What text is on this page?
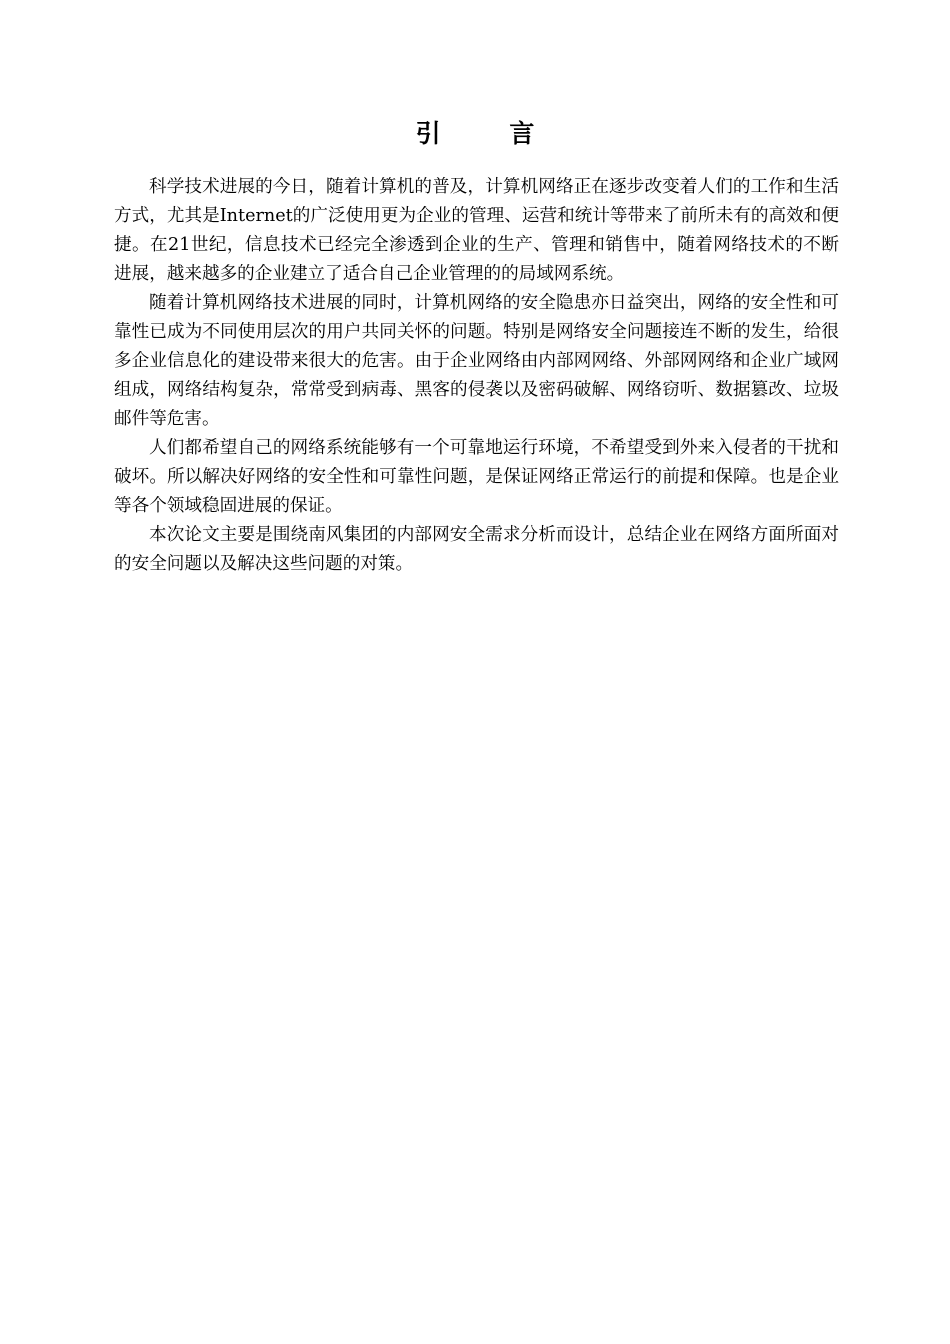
引 言

科学技术进展的今日，随着计算机的普及，计算机网络正在逐步改变着人们的工作和生活方式，尤其是Internet的广泛使用更为企业的管理、运营和统计等带来了前所未有的高效和便捷。在21世纪，信息技术已经完全渗透到企业的生产、管理和销售中，随着网络技术的不断进展，越来越多的企业建立了适合自己企业管理的的局域网系统。

随着计算机网络技术进展的同时，计算机网络的安全隐患亦日益突出，网络的安全性和可靠性已成为不同使用层次的用户共同关怀的问题。特别是网络安全问题接连不断的发生，给很多企业信息化的建设带来很大的危害。由于企业网络由内部网网络、外部网网络和企业广域网组成，网络结构复杂，常常受到病毒、黑客的侵袭以及密码破解、网络窃听、数据篡改、垃圾邮件等危害。

人们都希望自己的网络系统能够有一个可靠地运行环境，不希望受到外来入侵者的干扰和破坏。所以解决好网络的安全性和可靠性问题，是保证网络正常运行的前提和保障。也是企业等各个领域稳固进展的保证。

本次论文主要是围绕南风集团的内部网安全需求分析而设计，总结企业在网络方面所面对的安全问题以及解决这些问题的对策。
